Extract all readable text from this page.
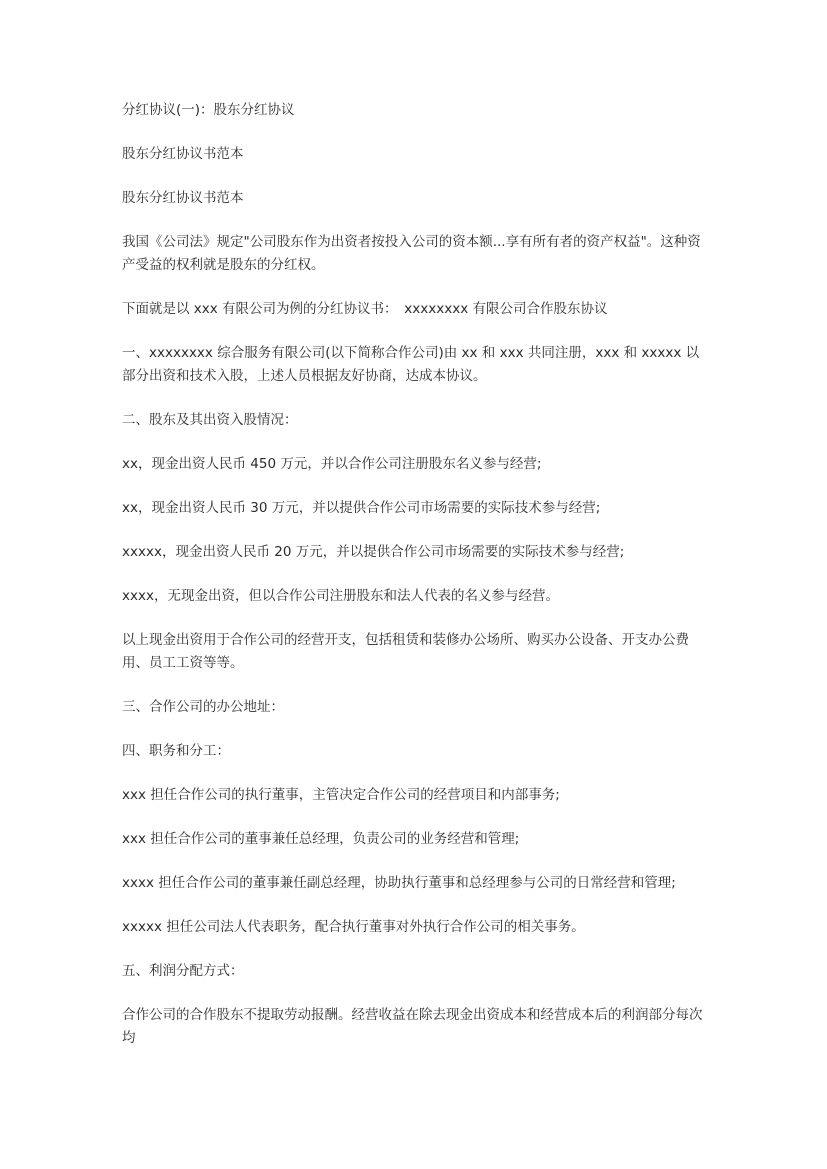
分红协议(一)：股东分红协议

股东分红协议书范本

股东分红协议书范本

我国《公司法》规定"公司股东作为出资者按投入公司的资本额...享有所有者的资产权益"。这种资产受益的权利就是股东的分红权。

下面就是以 xxx 有限公司为例的分红协议书：　xxxxxxxx 有限公司合作股东协议

一、xxxxxxxx 综合服务有限公司(以下简称合作公司)由 xx 和 xxx 共同注册，xxx 和 xxxxx 以部分出资和技术入股，上述人员根据友好协商，达成本协议。

二、股东及其出资入股情况：

xx，现金出资人民币 450 万元，并以合作公司注册股东名义参与经营;

xx，现金出资人民币 30 万元，并以提供合作公司市场需要的实际技术参与经营;

xxxxx，现金出资人民币 20 万元，并以提供合作公司市场需要的实际技术参与经营;

xxxx，无现金出资，但以合作公司注册股东和法人代表的名义参与经营。

以上现金出资用于合作公司的经营开支，包括租赁和装修办公场所、购买办公设备、开支办公费用、员工工资等等。

三、合作公司的办公地址：

四、职务和分工：

xxx 担任合作公司的执行董事，主管决定合作公司的经营项目和内部事务;

xxx 担任合作公司的董事兼任总经理，负责公司的业务经营和管理;

xxxx 担任合作公司的董事兼任副总经理，协助执行董事和总经理参与公司的日常经营和管理;

xxxxx 担任公司法人代表职务，配合执行董事对外执行合作公司的相关事务。

五、利润分配方式：

合作公司的合作股东不提取劳动报酬。经营收益在除去现金出资成本和经营成本后的利润部分每次均
